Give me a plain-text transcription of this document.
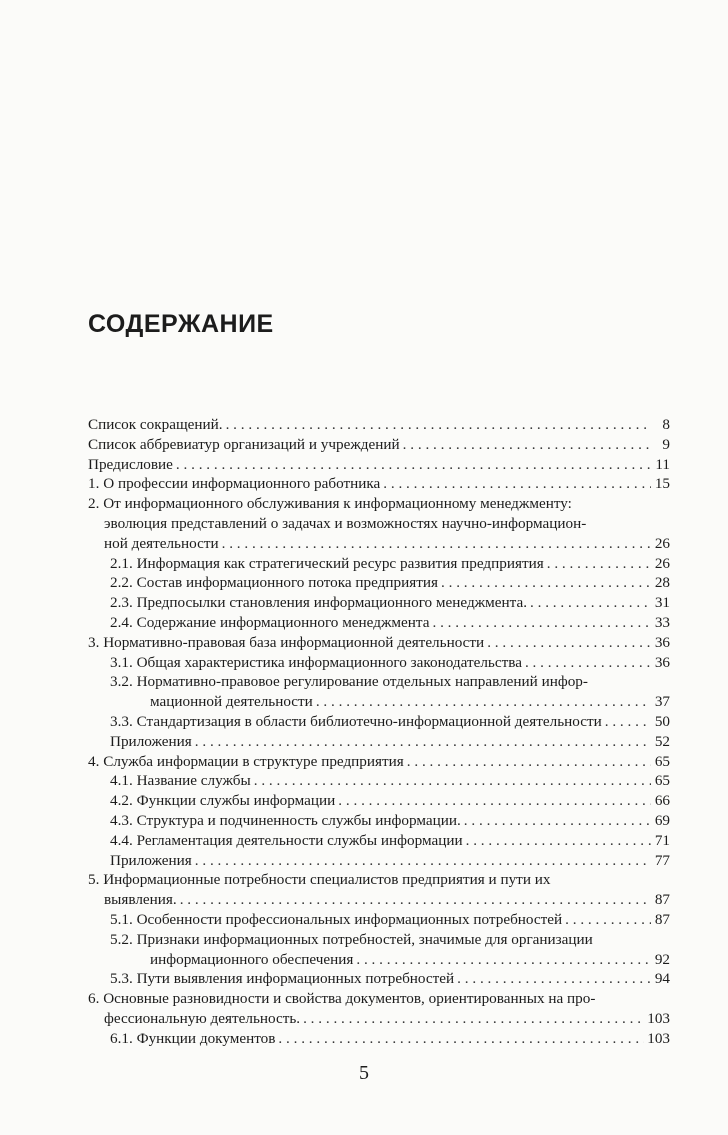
СОДЕРЖАНИЕ
Список сокращений. . . .	8
Список аббревиатур организаций и учреждений . . .	9
Предисловие . . .	11
1. О профессии информационного работника . . .	15
2. От информационного обслуживания к информационному менеджменту:
эволюция представлений о задачах и возможностях научно-информацион-
ной деятельности . . .	26
2.1. Информация как стратегический ресурс развития предприятия . . .	26
2.2. Состав информационного потока предприятия . . .	28
2.3. Предпосылки становления информационного менеджмента. . . .	31
2.4. Содержание информационного менеджмента . . .	33
3. Нормативно-правовая база информационной деятельности . . .	36
3.1. Общая характеристика информационного законодательства . . .	36
3.2. Нормативно-правовое регулирование отдельных направлений инфор-
мационной деятельности . . .	37
3.3. Стандартизация в области библиотечно-информационной деятельности . . .	50
Приложения . . .	52
4. Служба информации в структуре предприятия . . .	65
4.1. Название службы . . .	65
4.2. Функции службы информации . . .	66
4.3. Структура и подчиненность службы информации. . . .	69
4.4. Регламентация деятельности службы информации . . .	71
Приложения . . .	77
5. Информационные потребности специалистов предприятия и пути их
выявления. . . .	87
5.1. Особенности профессиональных информационных потребностей . . .	87
5.2. Признаки информационных потребностей, значимые для организации
информационного обеспечения . . .	92
5.3. Пути выявления информационных потребностей . . .	94
6. Основные разновидности и свойства документов, ориентированных на про-
фессиональную деятельность. . . .	103
6.1. Функции документов . . .	103
5
